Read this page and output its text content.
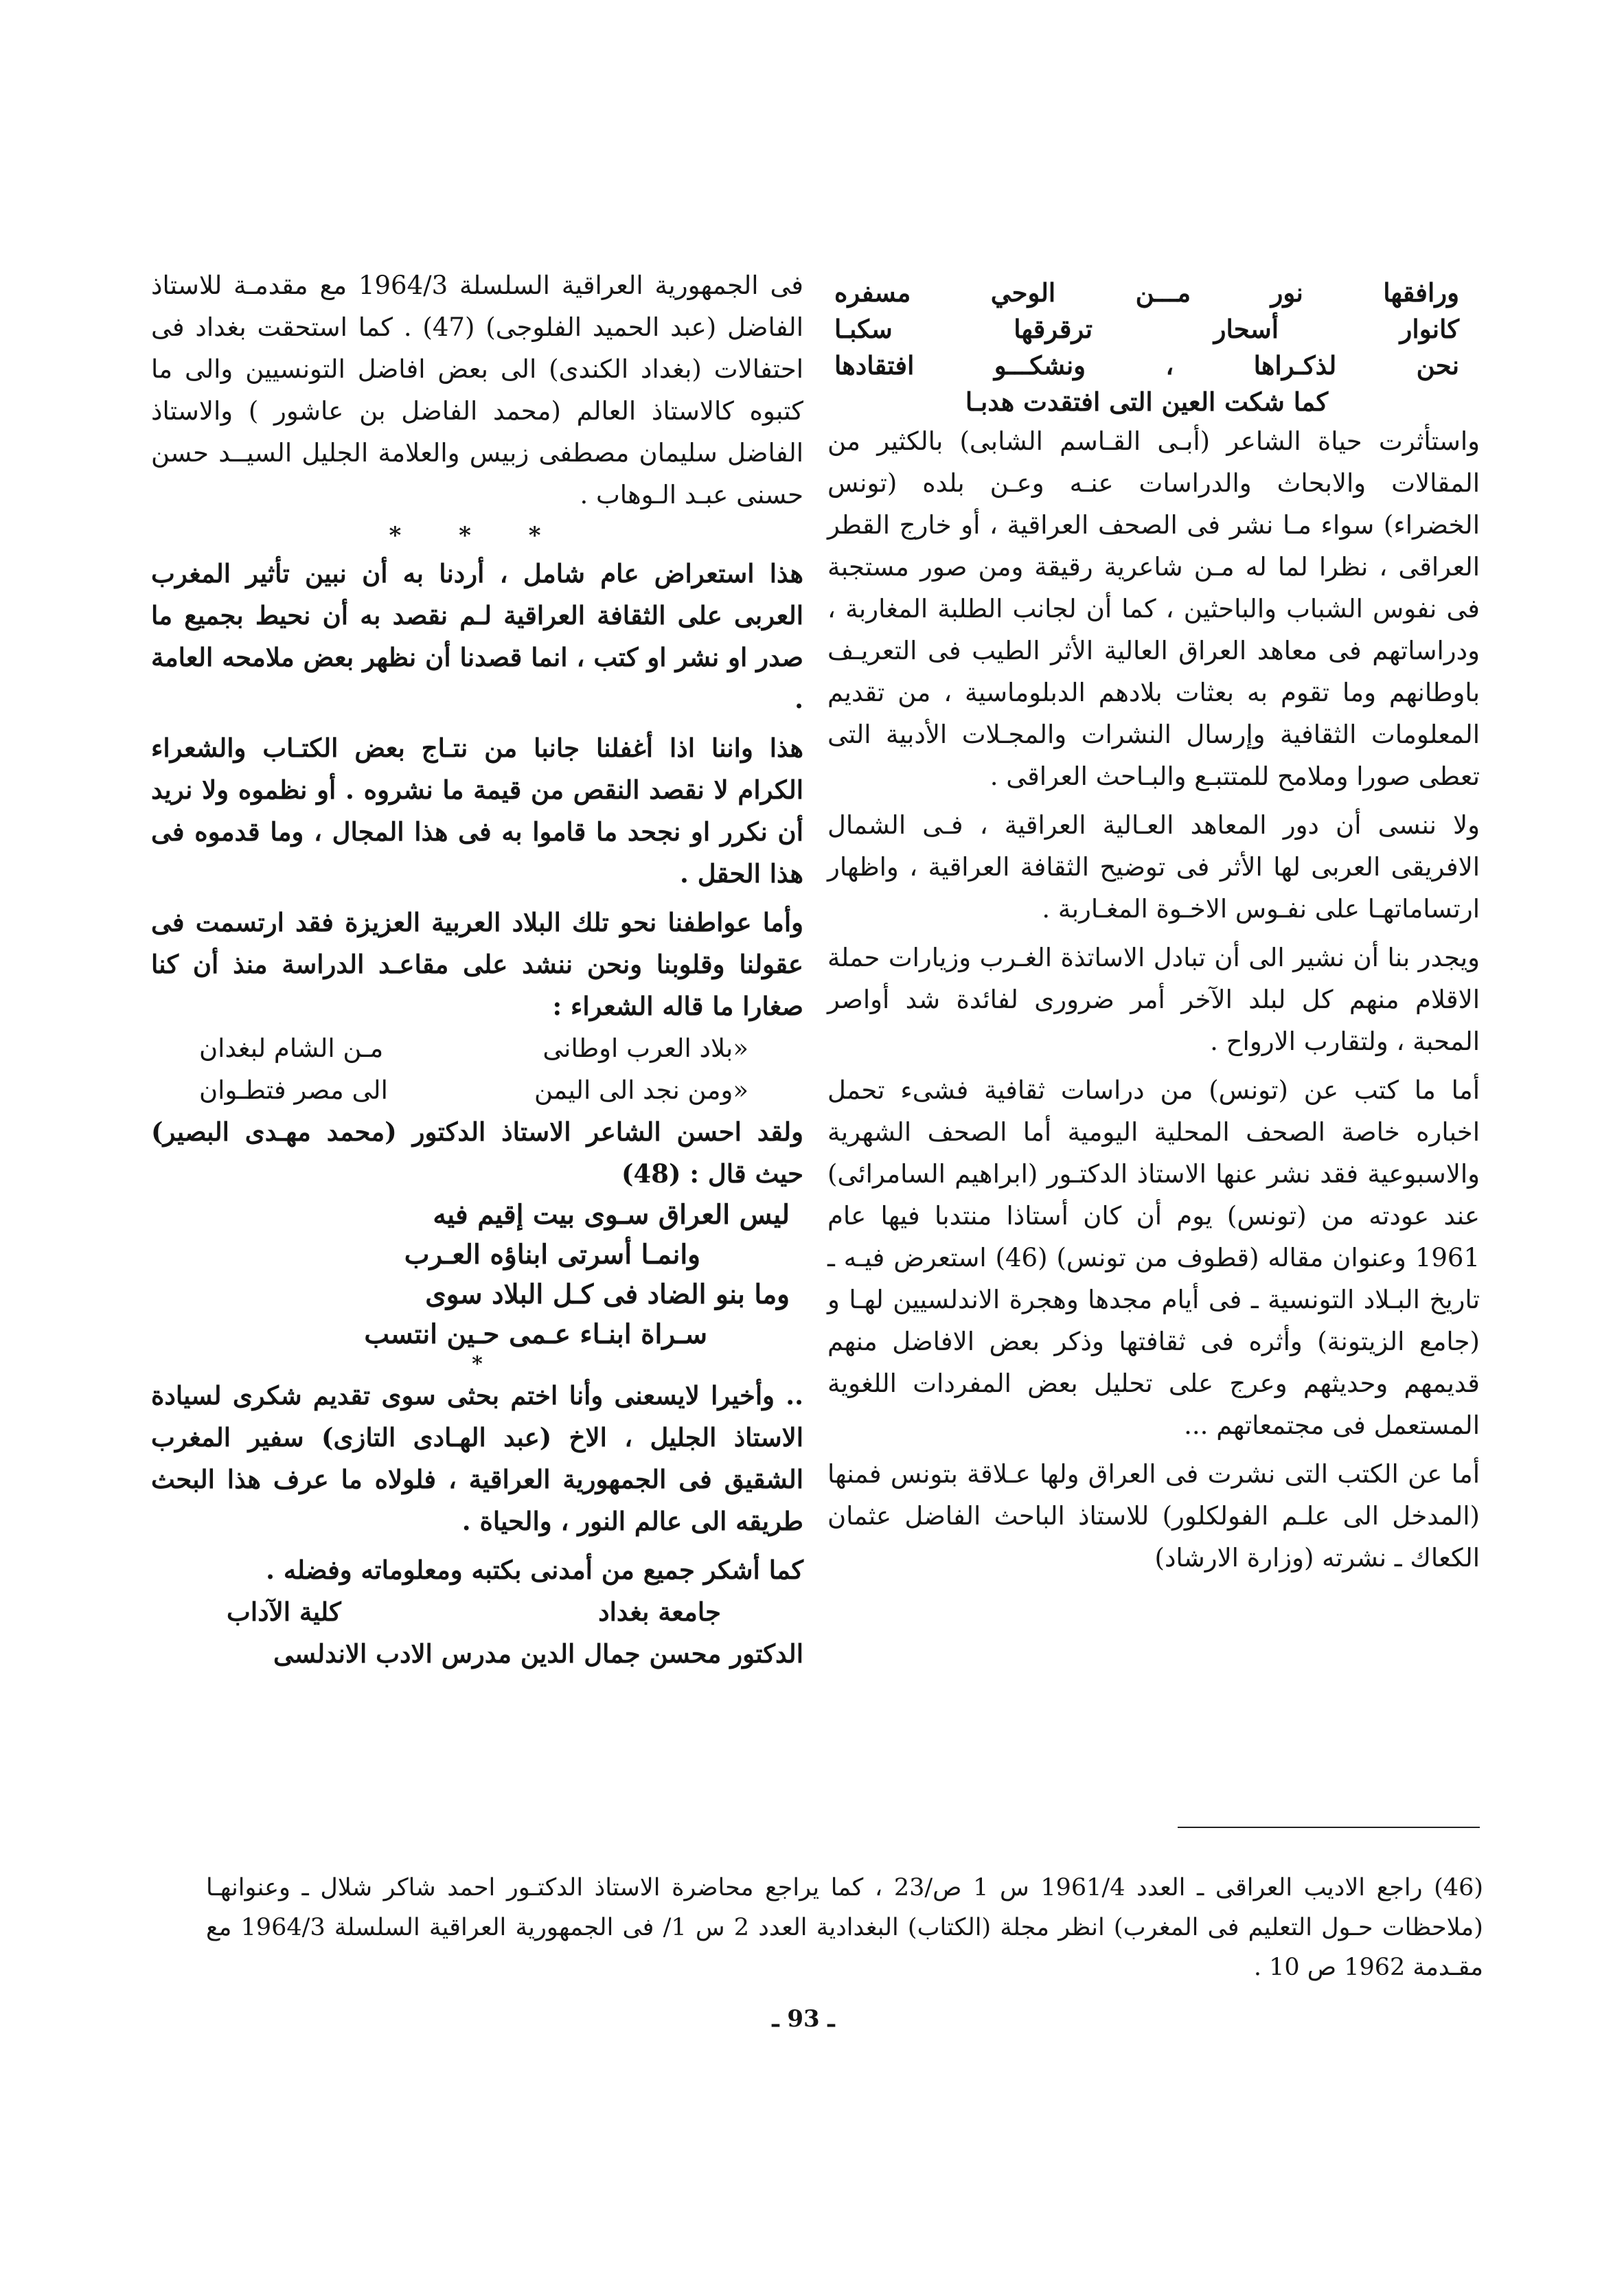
ورافقها نور مـــن الوحي مسفره
كانوار أسحار ترقرقها سكبـا
نحن لذكـراها ، ونشكـــو افتقادها
كما شكت العين التى افتقدت هدبـا

واستأثرت حياة الشاعر (أبـى القـاسم الشابى) بالكثير من المقالات والابحاث والدراسات عنـه وعـن بلده (تونس الخضراء) سواء مـا نشر فى الصحف العراقية ، أو خارج القطر العراقى ، نظرا لما له مـن شاعرية رقيقة ومن صور مستجبة فى نفوس الشباب والباحثين ، كما أن لجانب الطلبة المغاربة ، ودراساتهم فى معاهد العراق العالية الأثر الطيب فى التعريـف باوطانهم وما تقوم به بعثات بلادهم الدبلوماسية ، من تقديم المعلومات الثقافية وإرسال النشرات والمجـلات الأدبية التى تعطى صورا وملامح للمتتبـع والبـاحث العراقى .

ولا ننسى أن دور المعاهد العـالية العراقية ، فـى الشمال الافريقى العربى لها الأثر فى توضيح الثقافة العراقية ، واظهار ارتساماتهـا على نفـوس الاخـوة المغـاربة .

ويجدر بنا أن نشير الى أن تبادل الاساتذة الغـرب وزيارات حملة الاقلام منهم كل لبلد الآخر أمر ضرورى لفائدة شد أواصر المحبة ، ولتقارب الارواح .

أما ما كتب عن (تونس) من دراسات ثقافية فشىء تحمل اخباره خاصة الصحف المحلية اليومية أما الصحف الشهرية والاسبوعية فقد نشر عنها الاستاذ الدكتـور (ابراهيم السامرائى) عند عودته من (تونس) يوم أن كان أستاذا منتدبا فيها عام 1961 وعنوان مقاله (قطوف من تونس) (46) استعرض فيـه ـ تاريخ البـلاد التونسية ـ فى أيام مجدها وهجرة الاندلسيين لهـا و (جامع الزيتونة) وأثره فى ثقافتها وذكر بعض الافاضل منهم قديمهم وحديثهم وعرج على تحليل بعض المفردات اللغوية المستعمل فى مجتمعاتهم ...

أما عن الكتب التى نشرت فى العراق ولها عـلاقة بتونس فمنها (المدخل الى علـم الفولكلور) للاستاذ الباحث الفاضل عثمان الكعاك ـ نشرته (وزارة الارشاد)

فى الجمهورية العراقية السلسلة 1964/3 مع مقدمـة للاستاذ الفاضل (عبد الحميد الفلوجى) (47) . كما استحقت بغداد فى احتفالات (بغداد الكندى) الى بعض افاضل التونسيين والى ما كتبوه كالاستاذ العالم (محمد الفاضل بن عاشور ) والاستاذ الفاضل سليمان مصطفى زبيس والعلامة الجليل السيــد حسن حسنى عبـد الـوهاب .

* * *

هذا استعراض عام شامل ، أردنا به أن نبين تأثير المغرب العربى على الثقافة العراقية لـم نقصد به أن نحيط بجميع ما صدر او نشر او كتب ، انما قصدنا أن نظهر بعض ملامحه العامة .

هذا واننا اذا أغفلنا جانبا من نتـاج بعض الكتـاب والشعراء الكرام لا نقصد النقص من قيمة ما نشروه . أو نظموه ولا نريد أن نكرر او نجحد ما قاموا به فى هذا المجال ، وما قدموه فى هذا الحقل .

وأما عواطفنا نحو تلك البلاد العربية العزيزة فقد ارتسمت فى عقولنا وقلوبنا ونحن ننشد على مقاعـد الدراسة منذ أن كنا صغارا ما قاله الشعراء :

«بلاد العرب اوطانى
مـن الشام لبغدان
«ومن نجد الى اليمن
الى مصر فتطـوان

ولقد احسن الشاعر الاستاذ الدكتور (محمد مهـدى البصير) حيث قال : (48)

ليس العراق سـوى بيت إقيم فيه
وانمـا أسرتى ابناؤه العـرب
وما بنو الضاد فى كـل البلاد سوى
سـراة ابنـاء عـمى حـين انتسب
*

.. وأخيرا لايسعنى وأنا اختم بحثى سوى تقديم شكرى لسيادة الاستاذ الجليل ، الاخ (عبد الهـادى التازى) سفير المغرب الشقيق فى الجمهورية العراقية ، فلولاه ما عرف هذا البحث طريقه الى عالم النور ، والحياة .

كما أشكر جميع من أمدنى بكتبه ومعلوماته وفضله .

جامعة بغداد
كلية الآداب
الدكتور محسن جمال الدين مدرس الادب الاندلسى

(46) راجع الاديب العراقى ـ العدد 1961/4 س 1 ص/23 ، كما يراجع محاضرة الاستاذ الدكتـور احمد شاكر شلال ـ وعنوانهـا (ملاحظات حـول التعليم فى المغرب) انظر مجلة (الكتاب) البغدادية العدد 2 س 1/ فى الجمهورية العراقية السلسلة 1964/3 مع مقـدمة 1962 ص 10 .

ـ 93 ـ
